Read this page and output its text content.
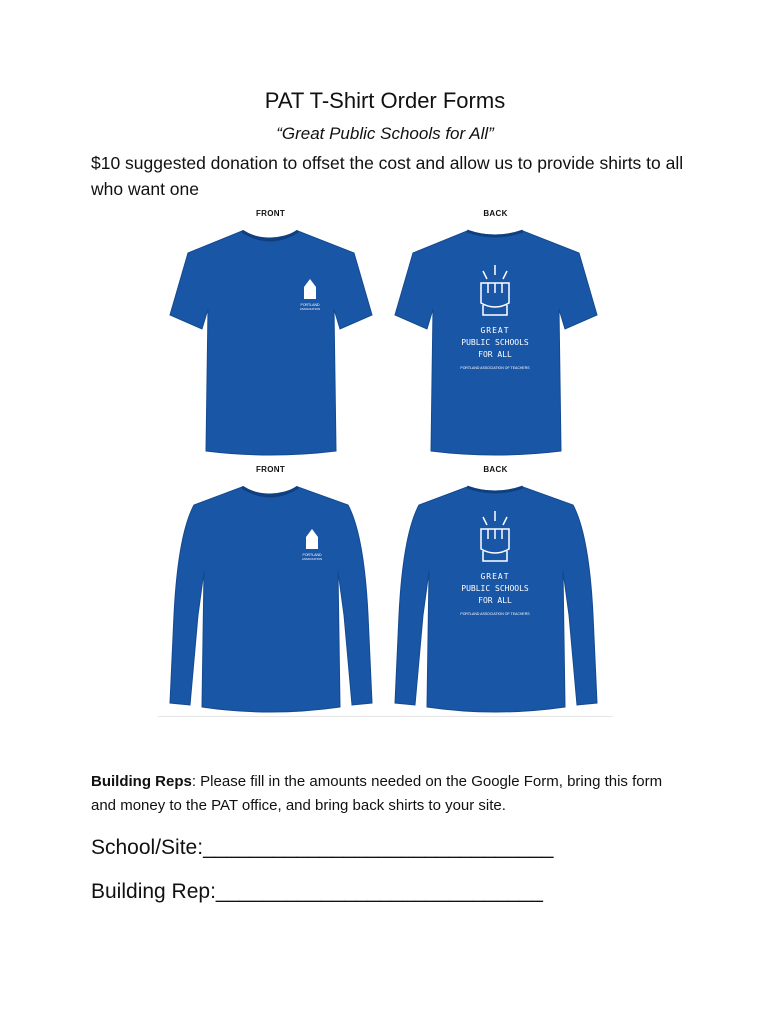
PAT T-Shirt Order Forms
“Great Public Schools for All”
$10 suggested donation to offset the cost and allow us to provide shirts to all who want one
FRONT
PORTLAND
ASSOCIATION
BACK
GREAT
PUBLIC SCHOOLS
FOR ALL
PORTLAND ASSOCIATION OF TEACHERS
FRONT
PORTLAND
ASSOCIATION
BACK
GREAT
PUBLIC SCHOOLS
FOR ALL
PORTLAND ASSOCIATION OF TEACHERS
Building Reps: Please fill in the amounts needed on the Google Form, bring this form and money to the PAT office, and bring back shirts to your site.
School/Site:______________________________
Building Rep:____________________________
